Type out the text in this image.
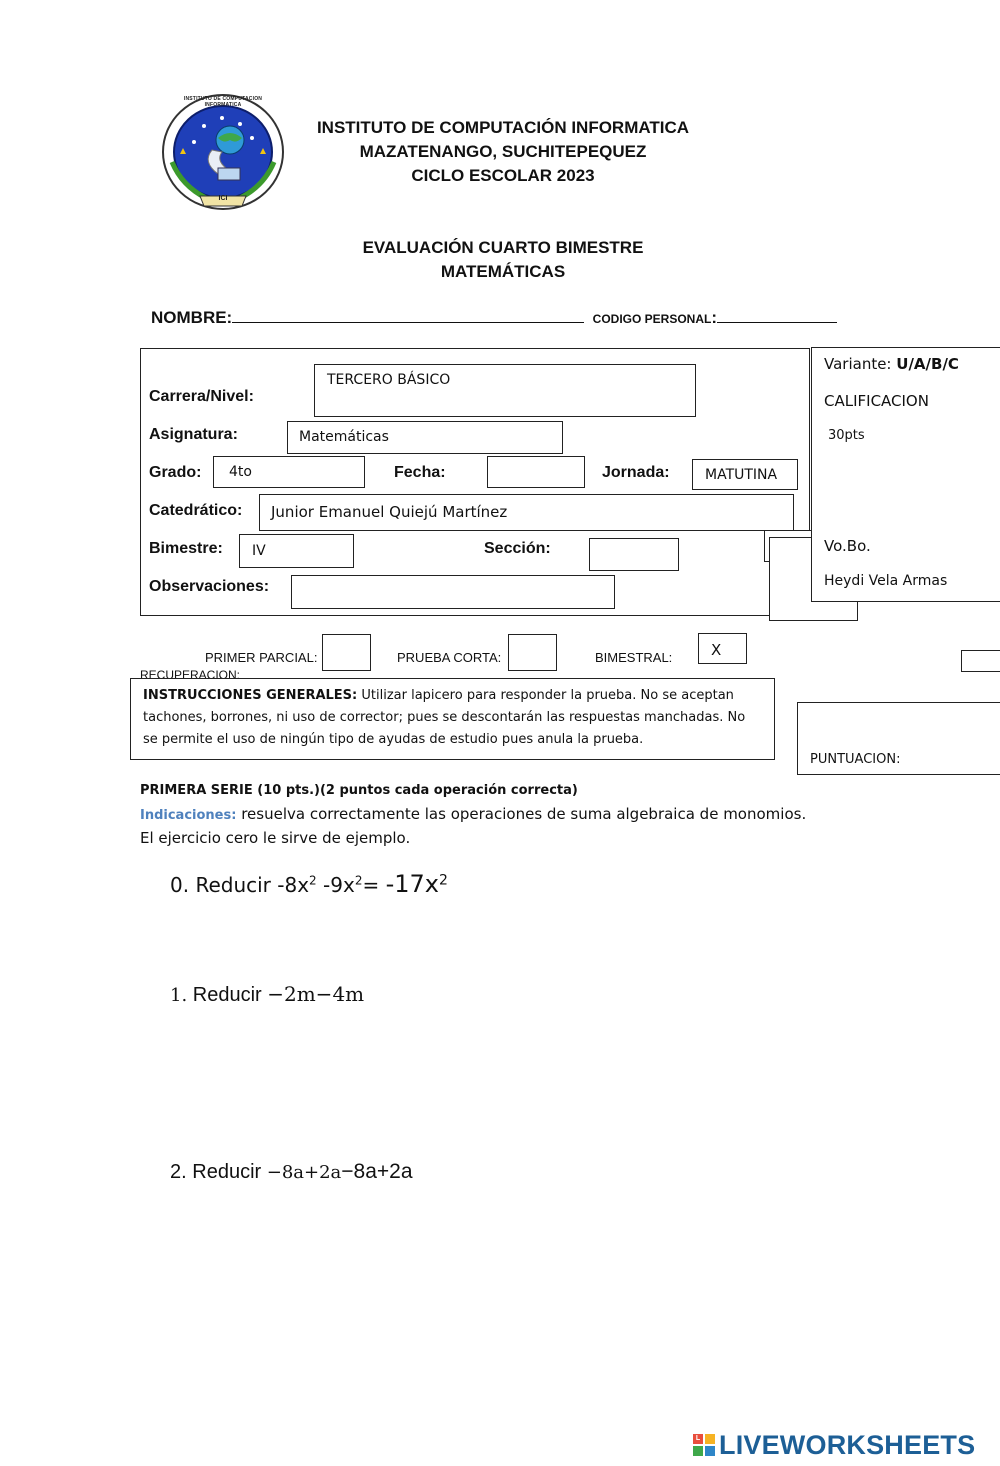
INSTITUTO DE COMPUTACION INFORMATICA
ICI
INSTITUTO DE COMPUTACIÓN INFORMATICA
MAZATENANGO, SUCHITEPEQUEZ
CICLO ESCOLAR 2023
EVALUACIÓN CUARTO BIMESTRE
MATEMÁTICAS
NOMBRE:	CODIGO PERSONAL:
Carrera/Nivel:
TERCERO BÁSICO
Asignatura:	Matemáticas
Grado: 4to	Fecha:	Jornada:	MATUTINA
Catedrático: Junior Emanuel Quiejú Martínez
Bimestre: IV	Sección:
Observaciones:
Variante: U/A/B/C
CALIFICACION
30pts
Vo.Bo.
Heydi Vela Armas
PRIMER PARCIAL:	PRUEBA CORTA:	BIMESTRAL:	X
RECUPERACION:
INSTRUCCIONES GENERALES: Utilizar lapicero para responder la prueba. No se aceptan tachones, borrones, ni uso de corrector; pues se descontarán las respuestas manchadas. No se permite el uso de ningún tipo de ayudas de estudio pues anula la prueba.
PUNTUACION:
PRIMERA SERIE (10 pts.)(2 puntos cada operación correcta)
Indicaciones: resuelva correctamente las operaciones de suma algebraica de monomios. El ejercicio cero le sirve de ejemplo.
0. Reducir $-8x^2$ $-9x^2= -17x^2$
1. Reducir −2m−4m
2. Reducir −8a+2a−8a+2a
L LIVEWORKSHEETS
